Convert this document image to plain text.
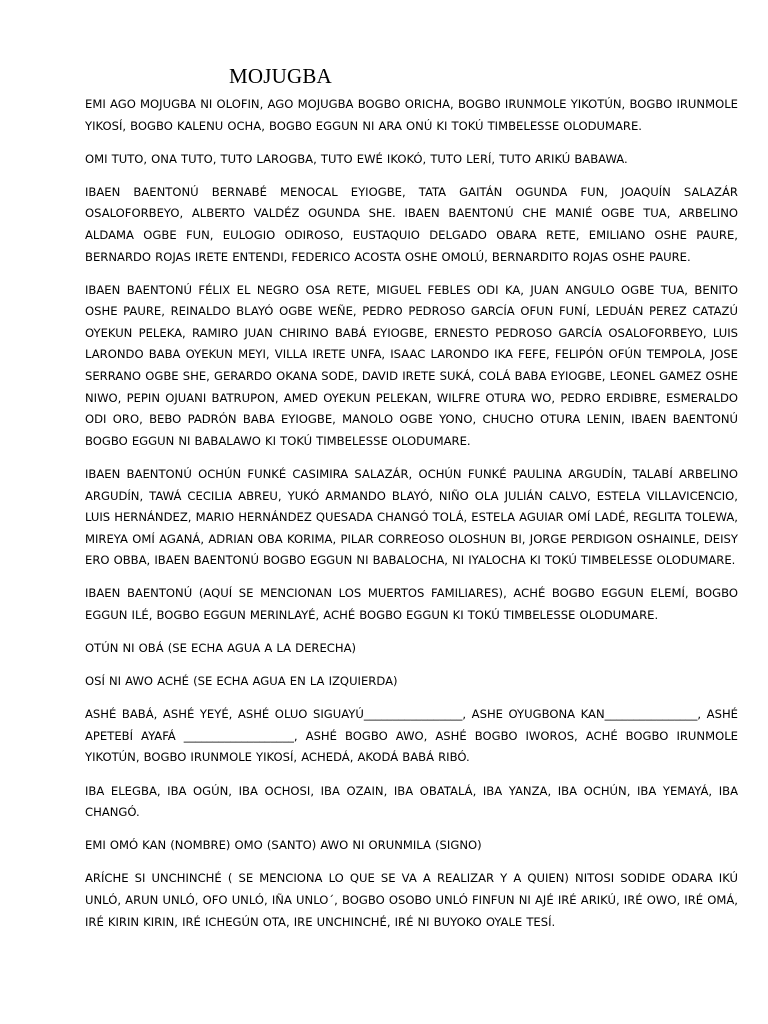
MOJUGBA

EMI AGO MOJUGBA NI OLOFIN, AGO MOJUGBA BOGBO ORICHA, BOGBO IRUNMOLE YIKOTÚN, BOGBO IRUNMOLE YIKOSÍ, BOGBO KALENU OCHA, BOGBO EGGUN NI ARA ONÚ KI TOKÚ TIMBELESSE OLODUMARE.

OMI TUTO, ONA TUTO, TUTO LAROGBA, TUTO EWÉ IKOKÓ, TUTO LERÍ, TUTO ARIKÚ BABAWA.

IBAEN BAENTONÚ BERNABÉ MENOCAL EYIOGBE, TATA GAITÁN OGUNDA FUN, JOAQUÍN SALAZÁR OSALOFORBEYO, ALBERTO VALDÉZ OGUNDA SHE. IBAEN BAENTONÚ CHE MANIÉ OGBE TUA, ARBELINO ALDAMA OGBE FUN, EULOGIO ODIROSO, EUSTAQUIO DELGADO OBARA RETE, EMILIANO OSHE PAURE, BERNARDO ROJAS IRETE ENTENDI, FEDERICO ACOSTA OSHE OMOLÚ, BERNARDITO ROJAS OSHE PAURE.

IBAEN BAENTONÚ FÉLIX EL NEGRO OSA RETE, MIGUEL FEBLES ODI KA, JUAN ANGULO OGBE TUA, BENITO OSHE PAURE, REINALDO BLAYÓ OGBE WEÑE, PEDRO PEDROSO GARCÍA OFUN FUNÍ, LEDUÁN PEREZ CATAZÚ OYEKUN PELEKA, RAMIRO JUAN CHIRINO BABÁ EYIOGBE, ERNESTO PEDROSO GARCÍA OSALOFORBEYO, LUIS LARONDO BABA OYEKUN MEYI, VILLA IRETE UNFA, ISAAC LARONDO IKA FEFE, FELIPÓN OFÚN TEMPOLA, JOSE SERRANO OGBE SHE, GERARDO OKANA SODE, DAVID IRETE SUKÁ, COLÁ BABA EYIOGBE, LEONEL GAMEZ OSHE NIWO, PEPIN OJUANI BATRUPON, AMED OYEKUN PELEKAN, WILFRE OTURA WO, PEDRO ERDIBRE, ESMERALDO ODI ORO, BEBO PADRÓN BABA EYIOGBE, MANOLO OGBE YONO, CHUCHO OTURA LENIN, IBAEN BAENTONÚ BOGBO EGGUN NI BABALAWO KI TOKÚ TIMBELESSE OLODUMARE.

IBAEN BAENTONÚ OCHÚN FUNKÉ CASIMIRA SALAZÁR, OCHÚN FUNKÉ PAULINA ARGUDÍN, TALABÍ ARBELINO ARGUDÍN, TAWÁ CECILIA ABREU, YUKÓ ARMANDO BLAYÓ, NIÑO OLA JULIÁN CALVO, ESTELA VILLAVICENCIO, LUIS HERNÁNDEZ, MARIO HERNÁNDEZ QUESADA CHANGÓ TOLÁ, ESTELA AGUIAR OMÍ LADÉ, REGLITA TOLEWA, MIREYA OMÍ AGANÁ, ADRIAN OBA KORIMA, PILAR CORREOSO OLOSHUN BI, JORGE PERDIGON OSHAINLE, DEISY ERO OBBA, IBAEN BAENTONÚ BOGBO EGGUN NI BABALOCHA, NI IYALOCHA KI TOKÚ TIMBELESSE OLODUMARE.

IBAEN BAENTONÚ (AQUÍ SE MENCIONAN LOS MUERTOS FAMILIARES), ACHÉ BOGBO EGGUN ELEMÍ, BOGBO EGGUN ILÉ, BOGBO EGGUN MERINLAYÉ, ACHÉ BOGBO EGGUN KI TOKÚ TIMBELESSE OLODUMARE.

OTÚN NI OBÁ (SE ECHA AGUA A LA DERECHA)

OSÍ NI AWO ACHÉ (SE ECHA AGUA EN LA IZQUIERDA)

ASHÉ BABÁ, ASHÉ YEYÉ, ASHÉ OLUO SIGUAYÚ_________________, ASHE OYUGBONA KAN________________, ASHÉ APETEBÍ AYAFÁ ___________________, ASHÉ BOGBO AWO, ASHÉ BOGBO IWOROS, ACHÉ BOGBO IRUNMOLE YIKOTÚN, BOGBO IRUNMOLE YIKOSÍ, ACHEDÁ, AKODÁ BABÁ RIBÓ.

IBA ELEGBA, IBA OGÚN, IBA OCHOSI, IBA OZAIN, IBA OBATALÁ, IBA YANZA, IBA OCHÚN, IBA YEMAYÁ, IBA CHANGÓ.

EMI OMÓ KAN (NOMBRE) OMO (SANTO) AWO NI ORUNMILA (SIGNO)

ARÍCHE SI UNCHINCHÉ ( SE MENCIONA LO QUE SE VA A REALIZAR Y A QUIEN) NITOSI SODIDE ODARA IKÚ UNLÓ, ARUN UNLÓ, OFO UNLÓ, IÑA UNLO´, BOGBO OSOBO UNLÓ FINFUN NI AJÉ IRÉ ARIKÚ, IRÉ OWO, IRÉ OMÁ, IRÉ KIRIN KIRIN, IRÉ ICHEGÚN OTA, IRE UNCHINCHÉ, IRÉ NI BUYOKO OYALE TESÍ.
